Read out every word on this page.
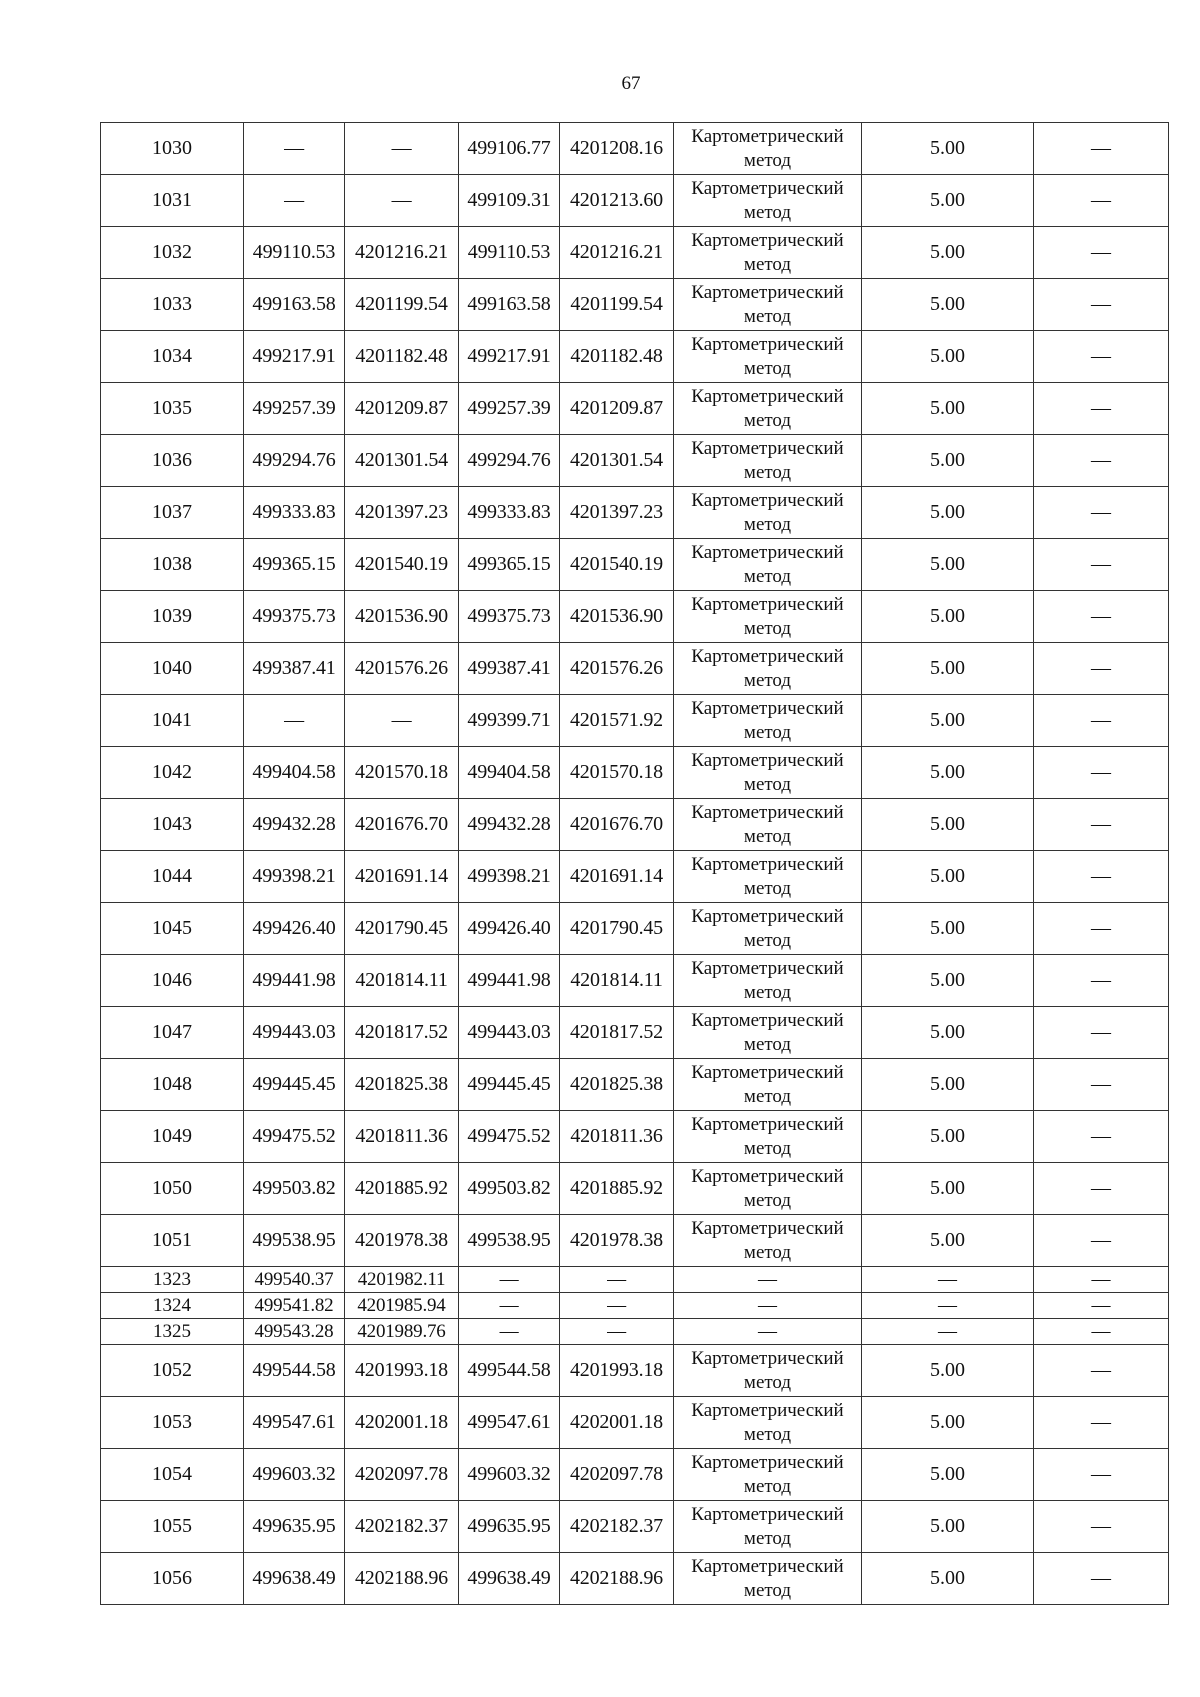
67
1030	—	—	499106.77	4201208.16	Картометрический
метод	5.00	—
1031	—	—	499109.31	4201213.60	Картометрический
метод	5.00	—
1032	499110.53	4201216.21	499110.53	4201216.21	Картометрический
метод	5.00	—
1033	499163.58	4201199.54	499163.58	4201199.54	Картометрический
метод	5.00	—
1034	499217.91	4201182.48	499217.91	4201182.48	Картометрический
метод	5.00	—
1035	499257.39	4201209.87	499257.39	4201209.87	Картометрический
метод	5.00	—
1036	499294.76	4201301.54	499294.76	4201301.54	Картометрический
метод	5.00	—
1037	499333.83	4201397.23	499333.83	4201397.23	Картометрический
метод	5.00	—
1038	499365.15	4201540.19	499365.15	4201540.19	Картометрический
метод	5.00	—
1039	499375.73	4201536.90	499375.73	4201536.90	Картометрический
метод	5.00	—
1040	499387.41	4201576.26	499387.41	4201576.26	Картометрический
метод	5.00	—
1041	—	—	499399.71	4201571.92	Картометрический
метод	5.00	—
1042	499404.58	4201570.18	499404.58	4201570.18	Картометрический
метод	5.00	—
1043	499432.28	4201676.70	499432.28	4201676.70	Картометрический
метод	5.00	—
1044	499398.21	4201691.14	499398.21	4201691.14	Картометрический
метод	5.00	—
1045	499426.40	4201790.45	499426.40	4201790.45	Картометрический
метод	5.00	—
1046	499441.98	4201814.11	499441.98	4201814.11	Картометрический
метод	5.00	—
1047	499443.03	4201817.52	499443.03	4201817.52	Картометрический
метод	5.00	—
1048	499445.45	4201825.38	499445.45	4201825.38	Картометрический
метод	5.00	—
1049	499475.52	4201811.36	499475.52	4201811.36	Картометрический
метод	5.00	—
1050	499503.82	4201885.92	499503.82	4201885.92	Картометрический
метод	5.00	—
1051	499538.95	4201978.38	499538.95	4201978.38	Картометрический
метод	5.00	—
1323	499540.37	4201982.11	—	—	—	—	—
1324	499541.82	4201985.94	—	—	—	—	—
1325	499543.28	4201989.76	—	—	—	—	—
1052	499544.58	4201993.18	499544.58	4201993.18	Картометрический
метод	5.00	—
1053	499547.61	4202001.18	499547.61	4202001.18	Картометрический
метод	5.00	—
1054	499603.32	4202097.78	499603.32	4202097.78	Картометрический
метод	5.00	—
1055	499635.95	4202182.37	499635.95	4202182.37	Картометрический
метод	5.00	—
1056	499638.49	4202188.96	499638.49	4202188.96	Картометрический
метод	5.00	—
